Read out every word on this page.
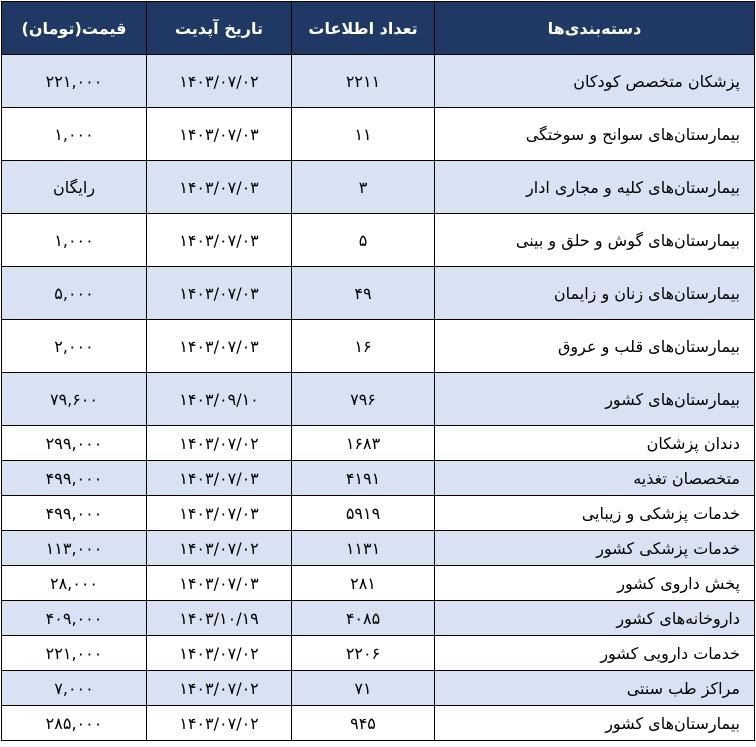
دسته‌بندی‌ها	تعداد اطلاعات	تاریخ آپدیت	قیمت(تومان)
پزشکان متخصص کودکان	۲۲۱۱	۱۴۰۳/۰۷/۰۲	۲۲۱,۰۰۰
بیمارستان‌های سوانح و سوختگی	۱۱	۱۴۰۳/۰۷/۰۳	۱,۰۰۰
بیمارستان‌های کلیه و مجاری ادار	۳	۱۴۰۳/۰۷/۰۳	رایگان
بیمارستان‌های گوش و حلق و بینی	۵	۱۴۰۳/۰۷/۰۳	۱,۰۰۰
بیمارستان‌های زنان و زایمان	۴۹	۱۴۰۳/۰۷/۰۳	۵,۰۰۰
بیمارستان‌های قلب و عروق	۱۶	۱۴۰۳/۰۷/۰۳	۲,۰۰۰
بیمارستان‌های کشور	۷۹۶	۱۴۰۳/۰۹/۱۰	۷۹,۶۰۰
دندان پزشکان	۱۶۸۳	۱۴۰۳/۰۷/۰۲	۲۹۹,۰۰۰
متخصصان تغذیه	۴۱۹۱	۱۴۰۳/۰۷/۰۳	۴۹۹,۰۰۰
خدمات پزشکی و زیبایی	۵۹۱۹	۱۴۰۳/۰۷/۰۳	۴۹۹,۰۰۰
خدمات پزشکی کشور	۱۱۳۱	۱۴۰۳/۰۷/۰۲	۱۱۳,۰۰۰
پخش داروی کشور	۲۸۱	۱۴۰۳/۰۷/۰۳	۲۸,۰۰۰
داروخانه‌های کشور	۴۰۸۵	۱۴۰۳/۱۰/۱۹	۴۰۹,۰۰۰
خدمات دارویی کشور	۲۲۰۶	۱۴۰۳/۰۷/۰۲	۲۲۱,۰۰۰
مراکز طب سنتی	۷۱	۱۴۰۳/۰۷/۰۲	۷,۰۰۰
بیمارستان‌های کشور	۹۴۵	۱۴۰۳/۰۷/۰۲	۲۸۵,۰۰۰
